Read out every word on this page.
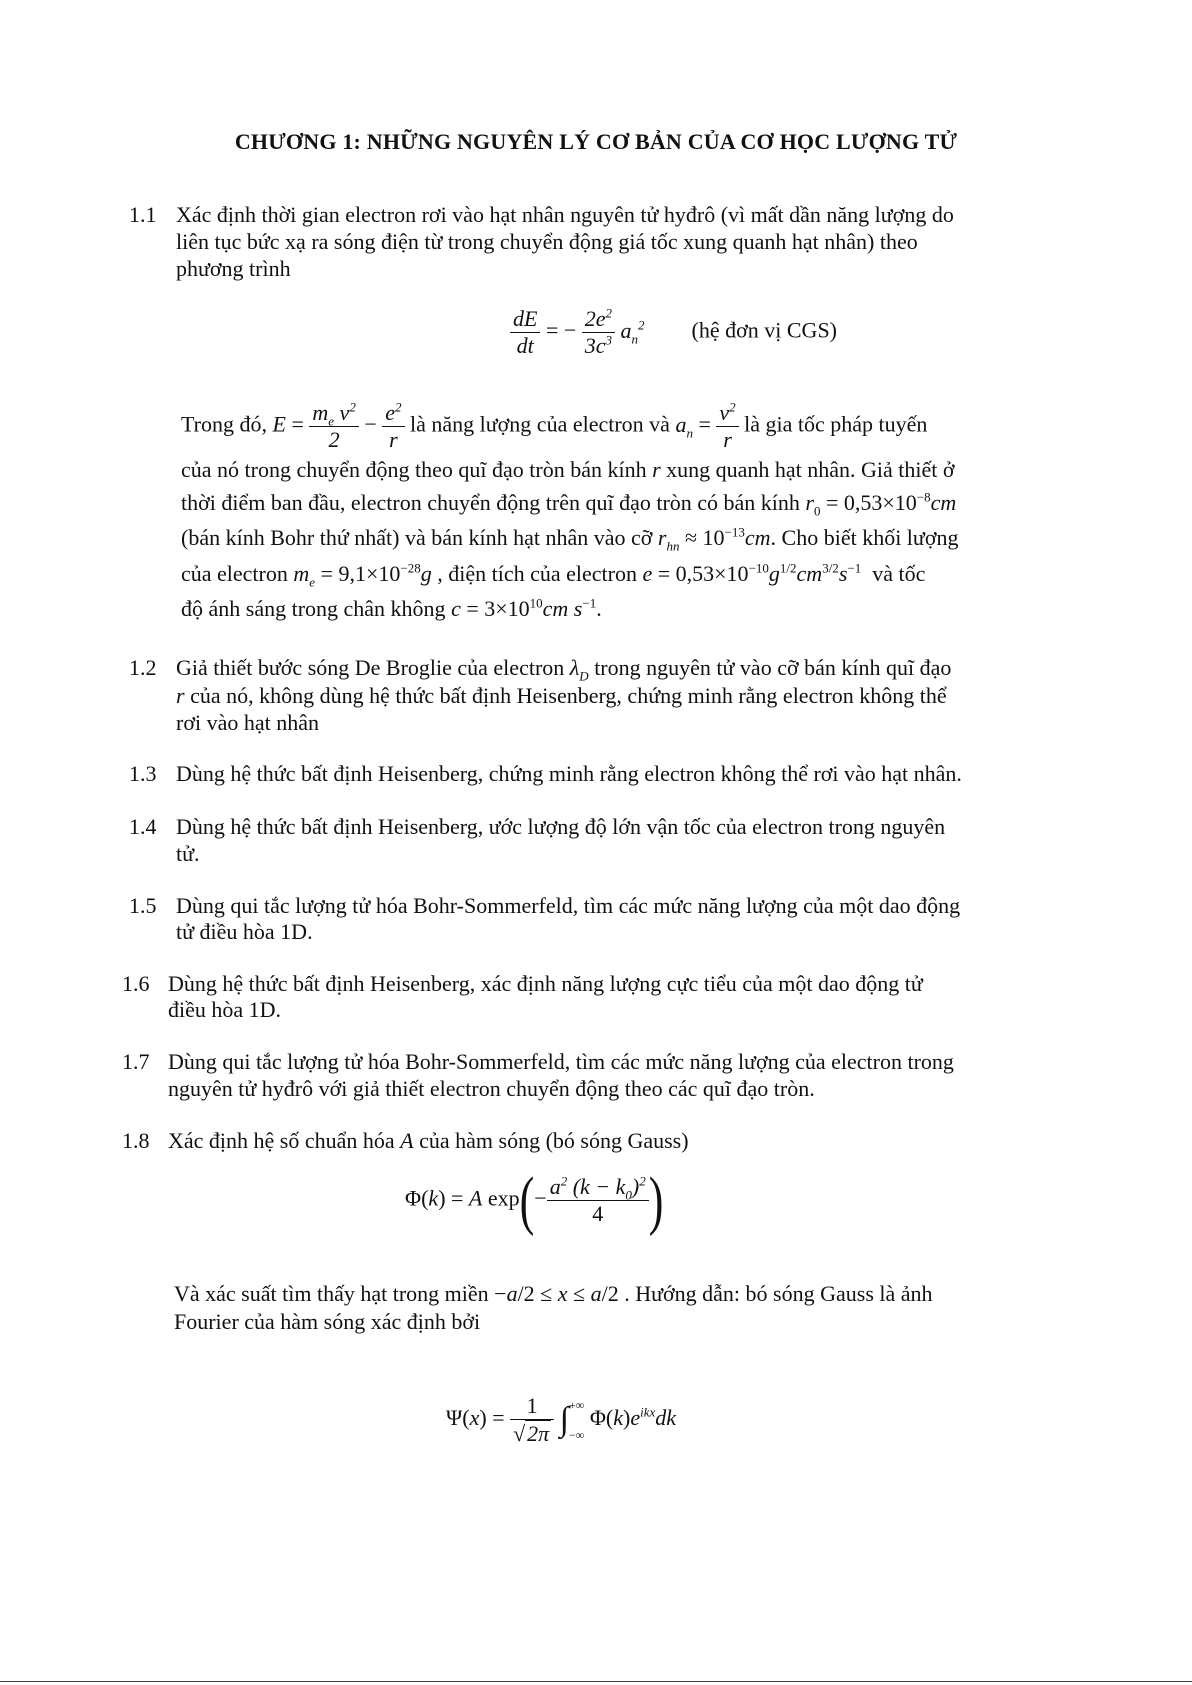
CHƯƠNG 1: NHỮNG NGUYÊN LÝ CƠ BẢN CỦA CƠ HỌC LƯỢNG TỬ
1.1 Xác định thời gian electron rơi vào hạt nhân nguyên tử hyđrô (vì mất dần năng lượng do
liên tục bức xạ ra sóng điện từ trong chuyển động giá tốc xung quanh hạt nhân) theo
phương trình
$\frac{dE}{dt}$ = − $\frac{2e^2}{3c^3} a_n^2$ (hệ đơn vị CGS)
Trong đó, $E = \frac{m_e v^2}{2} - \frac{e^2}{r}$ là năng lượng của electron và $a_n = \frac{v^2}{r}$ là gia tốc pháp tuyến
của nó trong chuyển động theo quĩ đạo tròn bán kính r xung quanh hạt nhân. Giả thiết ở
thời điểm ban đầu, electron chuyển động trên quĩ đạo tròn có bán kính $r_0 = 0,53\times 10^{-8}cm$
(bán kính Bohr thứ nhất) và bán kính hạt nhân vào cỡ $r_{hn} \approx 10^{-13}cm$. Cho biết khối lượng
của electron $m_e = 9,1\times 10^{-28}g$ , điện tích của electron $e = 0,53\times 10^{-10}g^{1/2}cm^{3/2}s^{-1}$ và tốc
độ ánh sáng trong chân không $c = 3\times 10^{10}cm$ $s^{-1}$.
1.2 Giả thiết bước sóng De Broglie của electron $\lambda_D$ trong nguyên tử vào cỡ bán kính quĩ đạo
r của nó, không dùng hệ thức bất định Heisenberg, chứng minh rằng electron không thể
rơi vào hạt nhân
1.3 Dùng hệ thức bất định Heisenberg, chứng minh rằng electron không thể rơi vào hạt nhân.
1.4 Dùng hệ thức bất định Heisenberg, ước lượng độ lớn vận tốc của electron trong nguyên
tử.
1.5 Dùng qui tắc lượng tử hóa Bohr-Sommerfeld, tìm các mức năng lượng của một dao động
tử điều hòa 1D.
1.6 Dùng hệ thức bất định Heisenberg, xác định năng lượng cực tiểu của một dao động tử
điều hòa 1D.
1.7 Dùng qui tắc lượng tử hóa Bohr-Sommerfeld, tìm các mức năng lượng của electron trong
nguyên tử hyđrô với giả thiết electron chuyển động theo các quĩ đạo tròn.
1.8 Xác định hệ số chuẩn hóa A của hàm sóng (bó sóng Gauss)
Φ(k) = A $\exp(- \frac{a^2 (k - k_0)^2}{4}$ )
Và xác suất tìm thấy hạt trong miền −a/2 ≤ x ≤ a/2 . Hướng dẫn: bó sóng Gauss là ảnh
Fourier của hàm sóng xác định bởi
$\Psi(x) = \frac{1}{√2\pi}$ ∫+∞
−∞ $\Phi(k)e^{ikx}dk$
